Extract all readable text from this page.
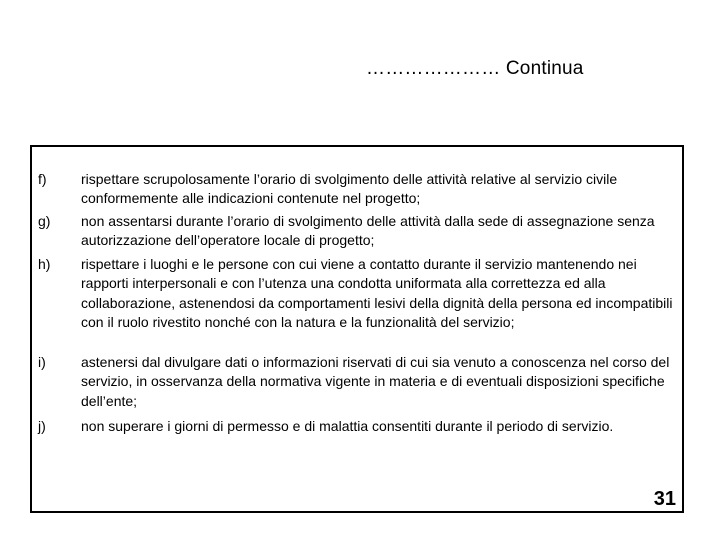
………………… Continua
f) rispettare scrupolosamente l’orario di svolgimento delle attività relative al servizio civile conformemente alle indicazioni contenute nel progetto;
g) non assentarsi durante l’orario di svolgimento delle attività dalla sede di assegnazione senza autorizzazione dell’operatore locale di progetto;
h) rispettare i luoghi e le persone con cui viene a contatto durante il servizio mantenendo nei rapporti interpersonali e con l’utenza una condotta uniformata alla correttezza ed alla collaborazione, astenendosi da comportamenti lesivi della dignità della persona ed incompatibili con il ruolo rivestito nonché con la natura e la funzionalità del servizio;
i)	astenersi dal divulgare dati o informazioni riservati di cui sia venuto a conoscenza nel corso del servizio, in osservanza della normativa vigente in materia e di eventuali disposizioni specifiche dell’ente;
j)	non superare i giorni di permesso e di malattia consentiti durante il periodo di servizio.
31
